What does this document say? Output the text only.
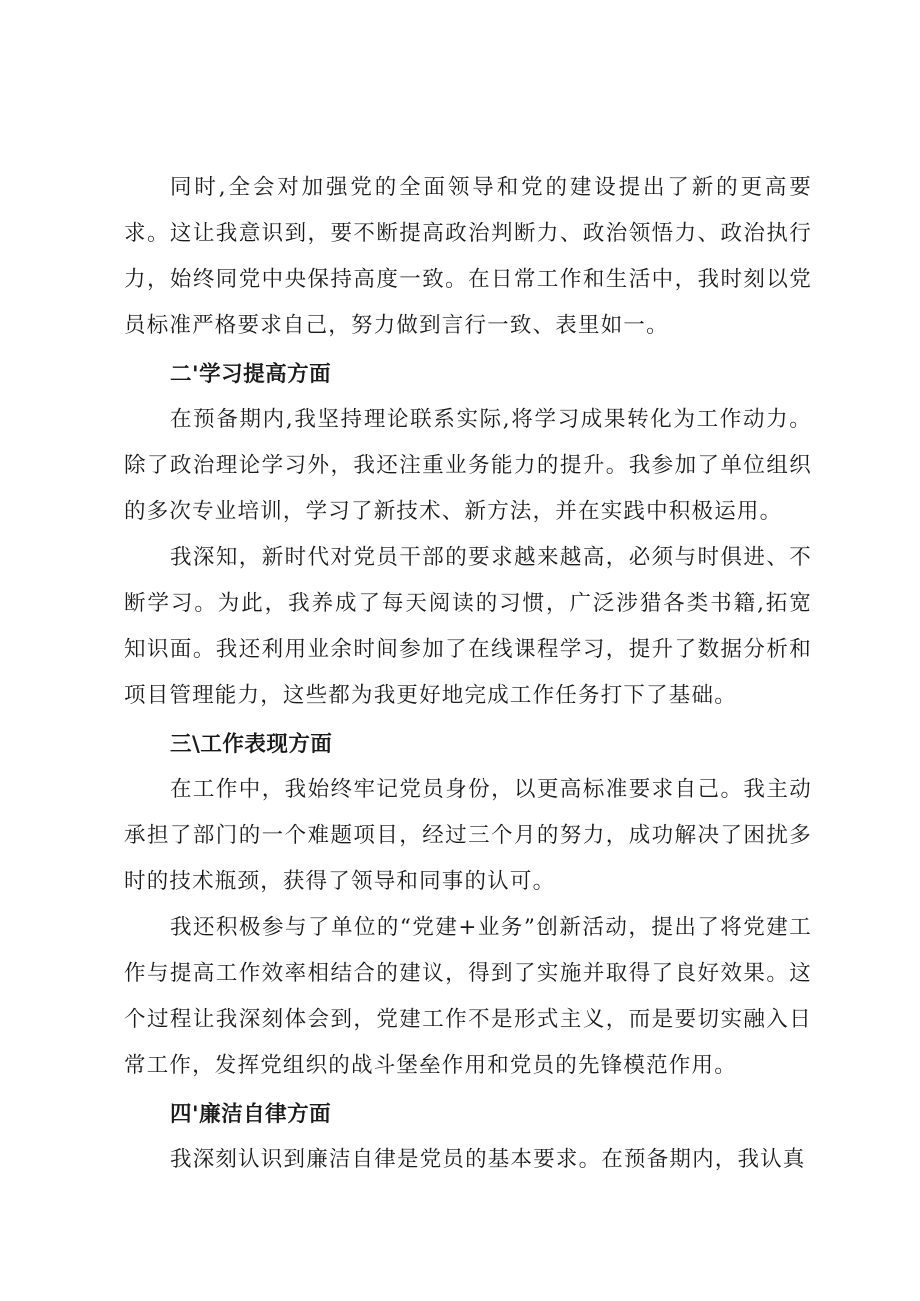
同时,全会对加强党的全面领导和党的建设提出了新的更高要求。这让我意识到，要不断提高政治判断力、政治领悟力、政治执行力，始终同党中央保持高度一致。在日常工作和生活中，我时刻以党员标准严格要求自己，努力做到言行一致、表里如一。

二'学习提高方面

在预备期内,我坚持理论联系实际,将学习成果转化为工作动力。除了政治理论学习外，我还注重业务能力的提升。我参加了单位组织的多次专业培训，学习了新技术、新方法，并在实践中积极运用。

我深知，新时代对党员干部的要求越来越高，必须与时俱进、不断学习。为此，我养成了每天阅读的习惯，广泛涉猎各类书籍,拓宽知识面。我还利用业余时间参加了在线课程学习，提升了数据分析和项目管理能力，这些都为我更好地完成工作任务打下了基础。

三\工作表现方面

在工作中，我始终牢记党员身份，以更高标准要求自己。我主动承担了部门的一个难题项目，经过三个月的努力，成功解决了困扰多时的技术瓶颈，获得了领导和同事的认可。

我还积极参与了单位的“党建+业务”创新活动，提出了将党建工作与提高工作效率相结合的建议，得到了实施并取得了良好效果。这个过程让我深刻体会到，党建工作不是形式主义，而是要切实融入日常工作，发挥党组织的战斗堡垒作用和党员的先锋模范作用。

四'廉洁自律方面

我深刻认识到廉洁自律是党员的基本要求。在预备期内，我认真
